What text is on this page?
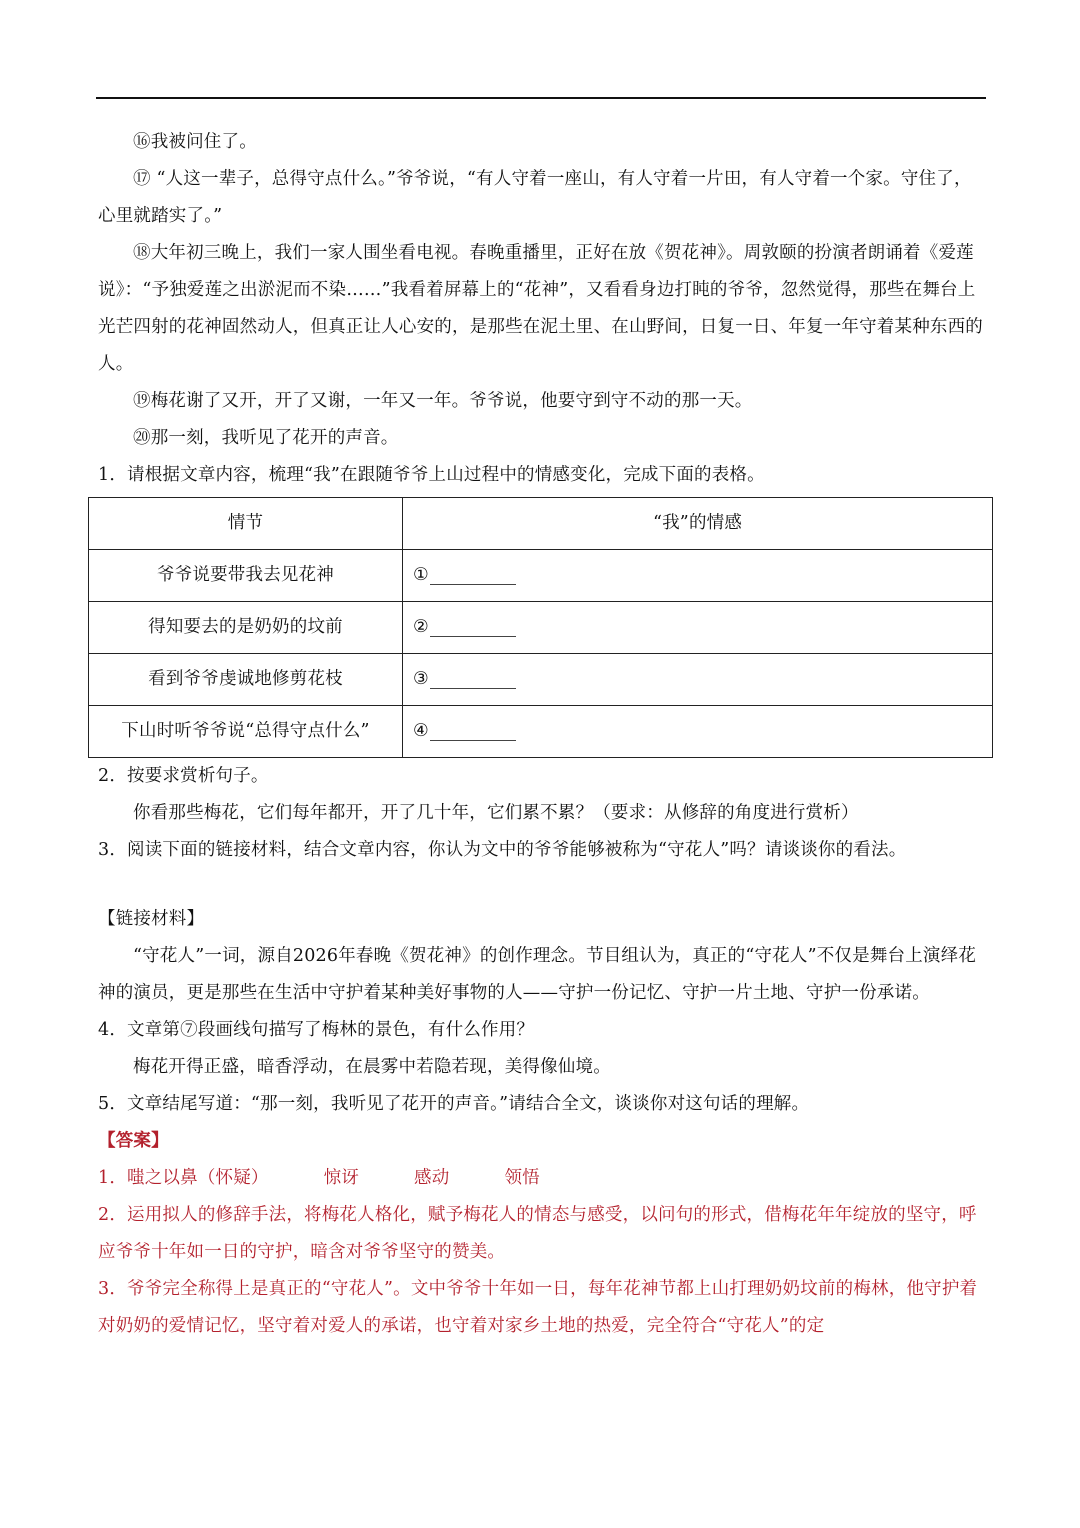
⑯我被问住了。

⑰ “人这一辈子，总得守点什么。”爷爷说，“有人守着一座山，有人守着一片田，有人守着一个家。守住了，心里就踏实了。”

⑱大年初三晚上，我们一家人围坐看电视。春晚重播里，正好在放《贺花神》。周敦颐的扮演者朗诵着《爱莲说》：“予独爱莲之出淤泥而不染……”我看着屏幕上的“花神”，又看看身边打盹的爷爷，忽然觉得，那些在舞台上光芒四射的花神固然动人，但真正让人心安的，是那些在泥土里、在山野间，日复一日、年复一年守着某种东西的人。

⑲梅花谢了又开，开了又谢，一年又一年。爷爷说，他要守到守不动的那一天。

⑳那一刻，我听见了花开的声音。

1．请根据文章内容，梳理“我”在跟随爷爷上山过程中的情感变化，完成下面的表格。

情节	“我”的情感
爷爷说要带我去见花神	①
得知要去的是奶奶的坟前	②
看到爷爷虔诚地修剪花枝	③
下山时听爷爷说“总得守点什么”	④

2．按要求赏析句子。

你看那些梅花，它们每年都开，开了几十年，它们累不累？（要求：从修辞的角度进行赏析）

3．阅读下面的链接材料，结合文章内容，你认为文中的爷爷能够被称为“守花人”吗？请谈谈你的看法。

【链接材料】

“守花人”一词，源自2026年春晚《贺花神》的创作理念。节目组认为，真正的“守花人”不仅是舞台上演绎花神的演员，更是那些在生活中守护着某种美好事物的人——守护一份记忆、守护一片土地、守护一份承诺。

4．文章第⑦段画线句描写了梅林的景色，有什么作用？

梅花开得正盛，暗香浮动，在晨雾中若隐若现，美得像仙境。

5．文章结尾写道：“那一刻，我听见了花开的声音。”请结合全文，谈谈你对这句话的理解。

【答案】

1．嗤之以鼻（怀疑）	惊讶	感动	领悟

2．运用拟人的修辞手法，将梅花人格化，赋予梅花人的情态与感受，以问句的形式，借梅花年年绽放的坚守，呼应爷爷十年如一日的守护，暗含对爷爷坚守的赞美。

3．爷爷完全称得上是真正的“守花人”。文中爷爷十年如一日，每年花神节都上山打理奶奶坟前的梅林，他守护着对奶奶的爱情记忆，坚守着对爱人的承诺，也守着对家乡土地的热爱，完全符合“守花人”的定
